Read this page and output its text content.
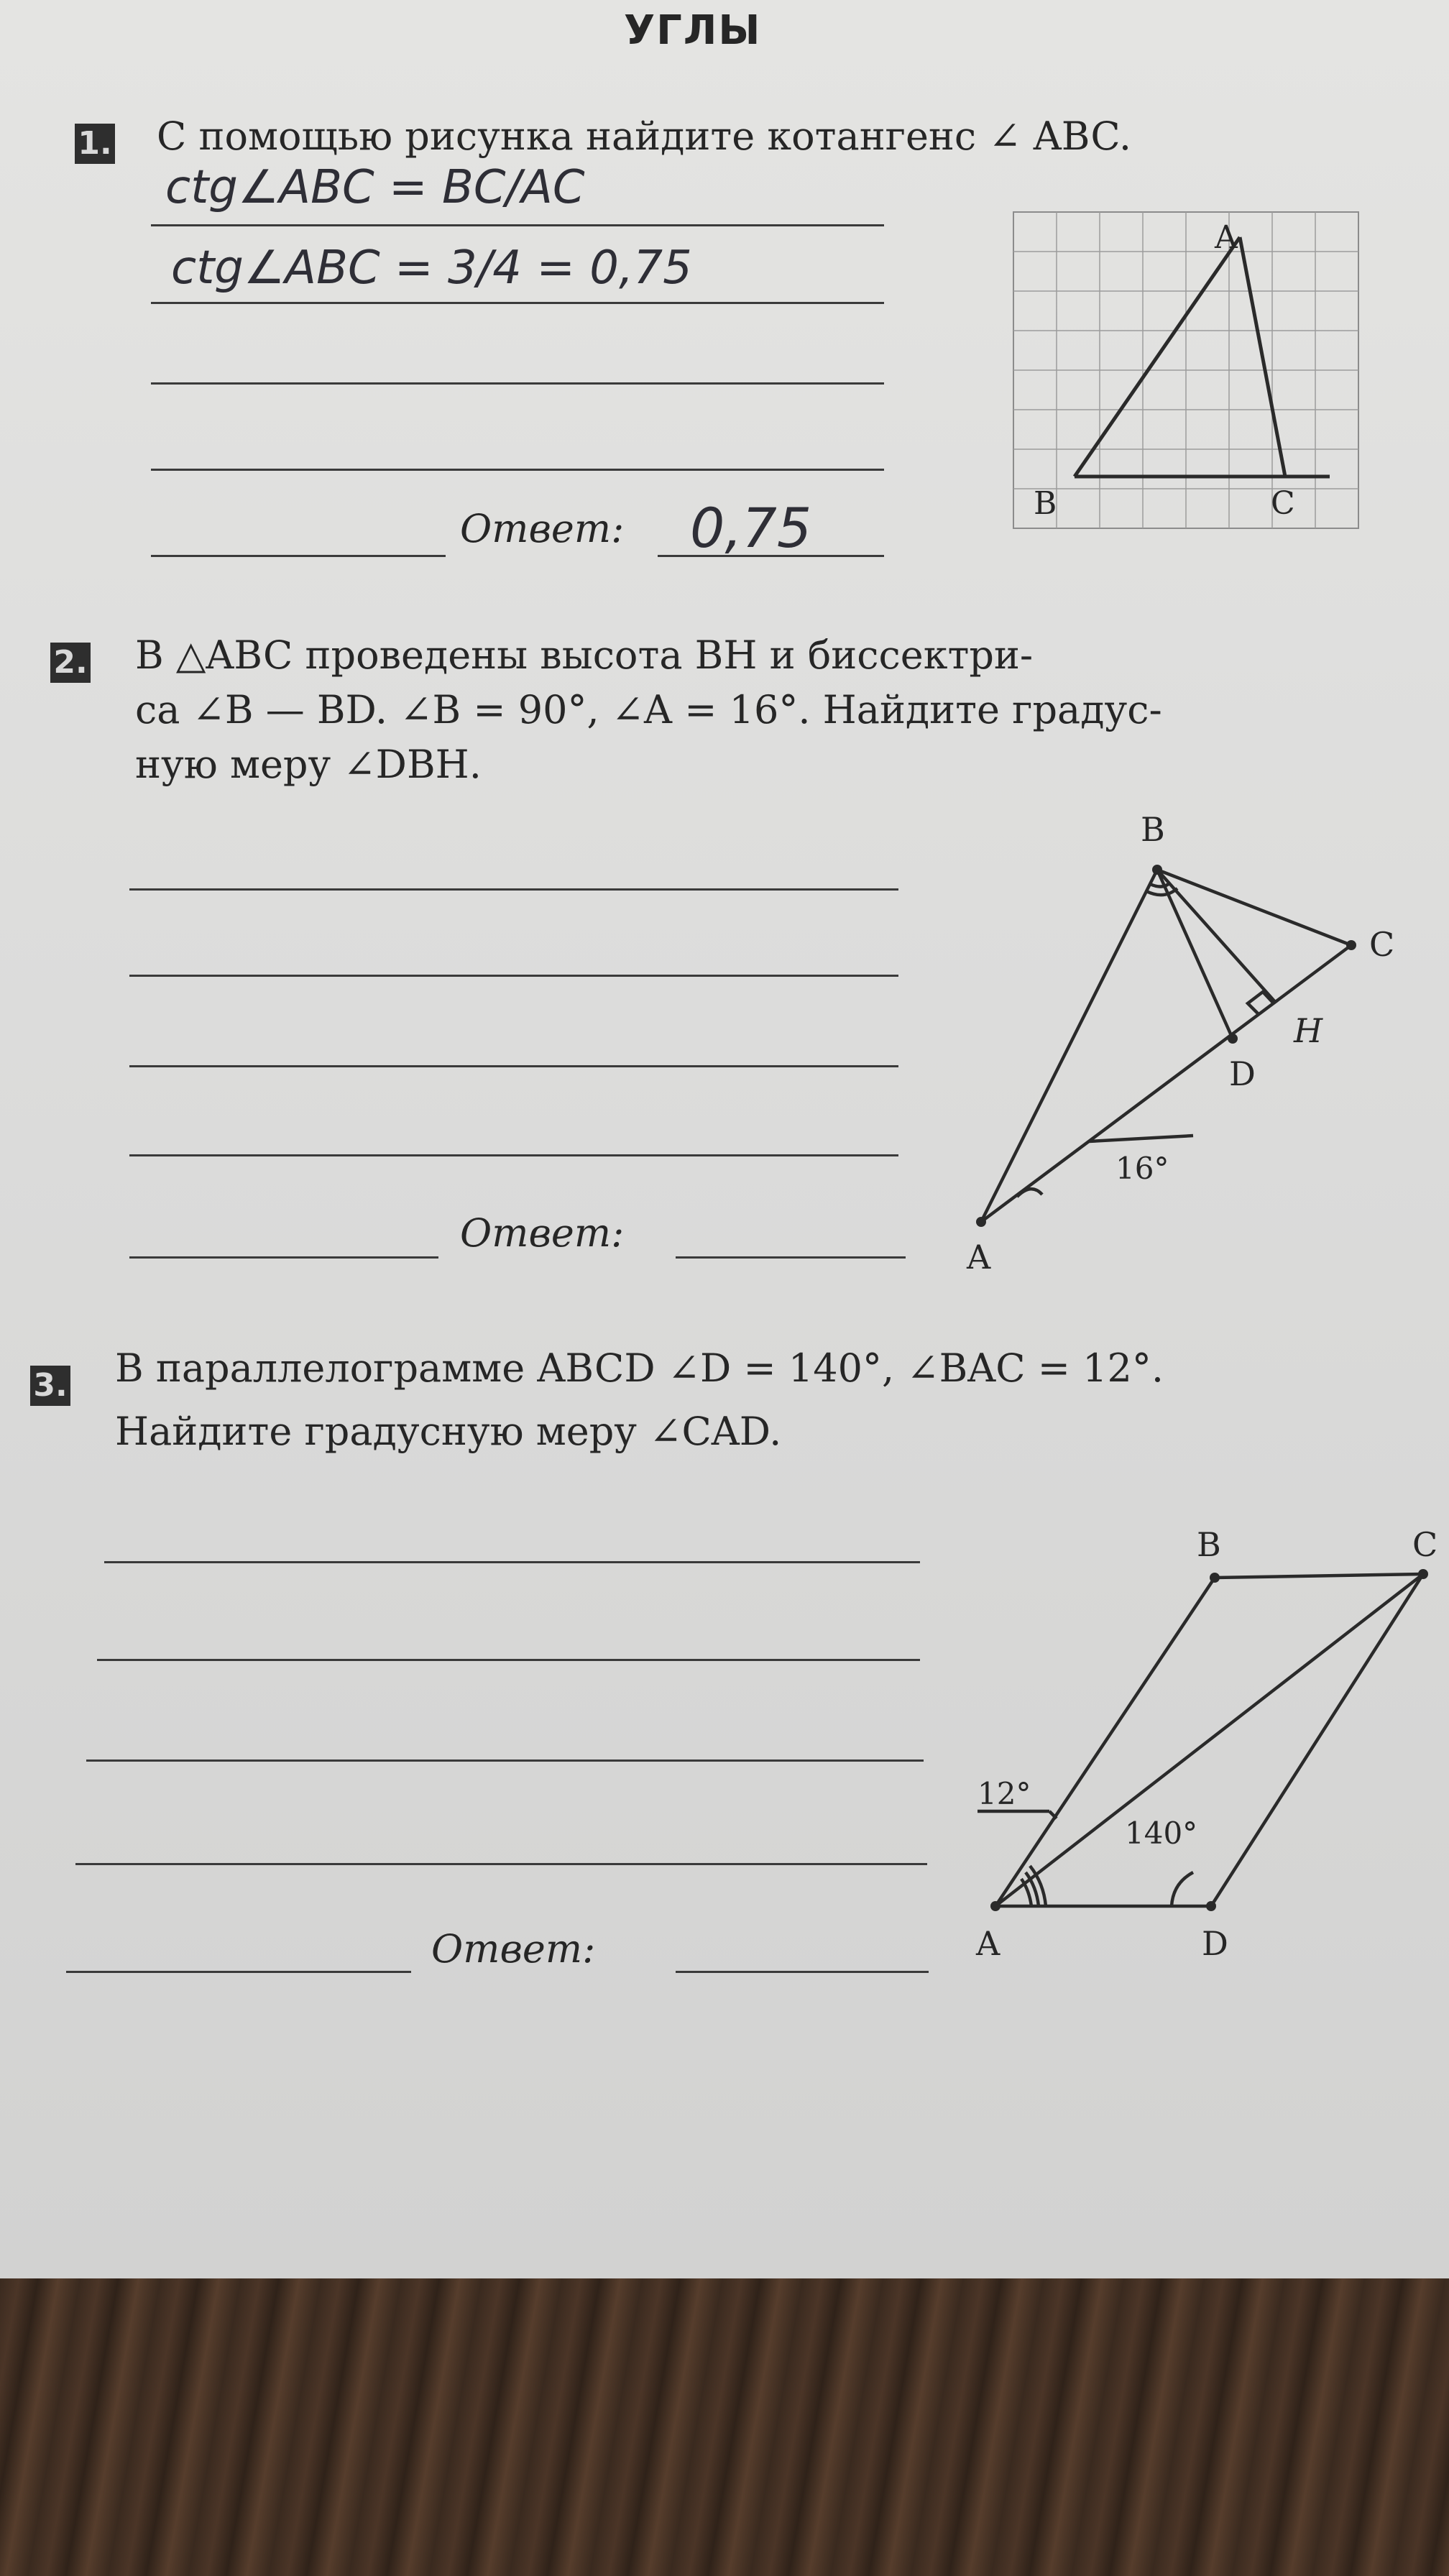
УГЛЫ
1. С помощью рисунка найдите котангенс ∠ ABC.
ctg∠ABC = BC/AC
ctg∠ABC = 3/4 = 0,75
Ответ: 0,75
A
B	C
2. В △ABC проведены высота BH и биссектри-
са ∠B — BD. ∠B = 90°, ∠A = 16°. Найдите градус-
ную меру ∠DBH.
Ответ:
B
C
H
D
A
16°
3. В параллелограмме ABCD ∠D = 140°, ∠BAC = 12°.
Найдите градусную меру ∠CAD.
Ответ:
B	C
A	D
12°
140°
